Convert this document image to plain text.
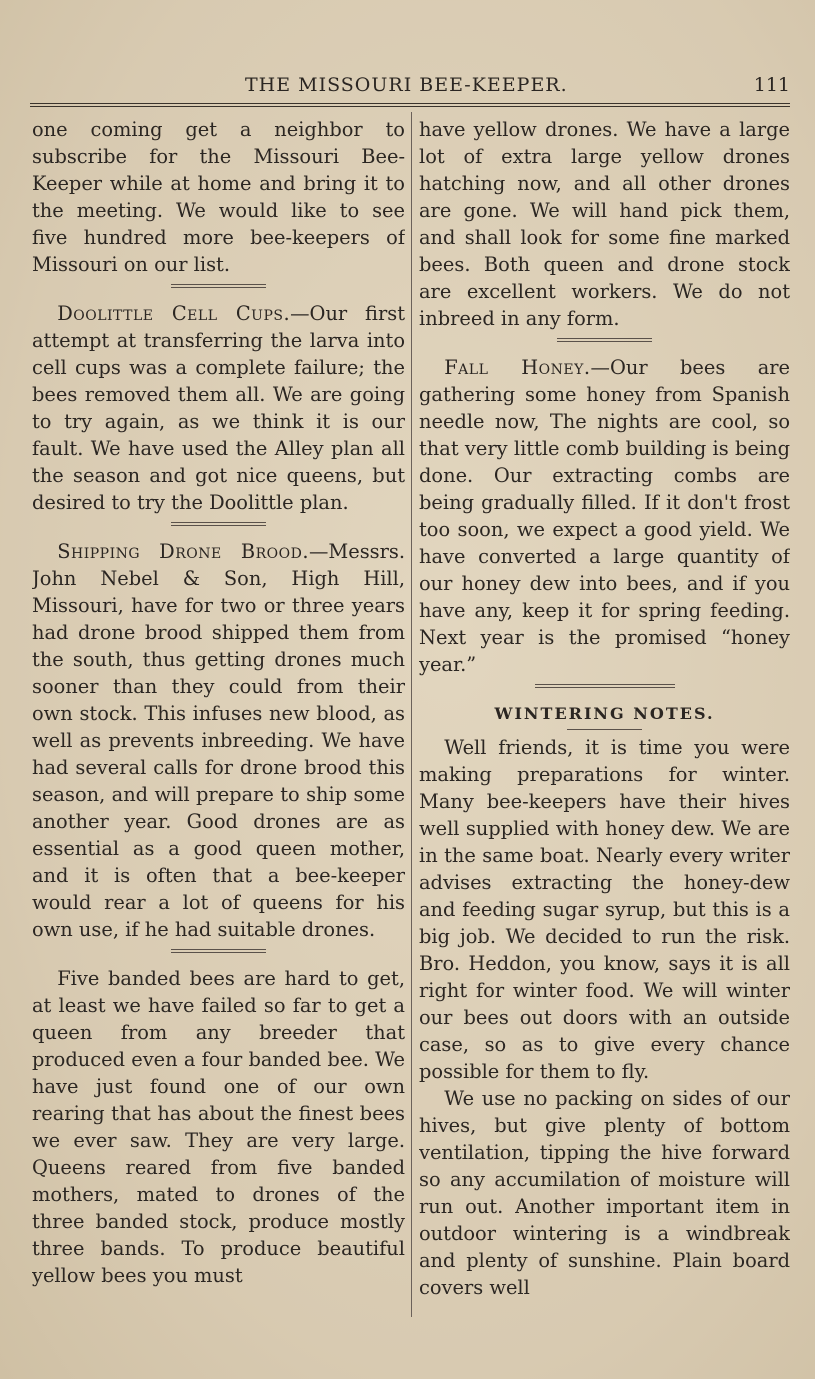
THE MISSOURI BEE-KEEPER.	111

one coming get a neighbor to subscribe for the Missouri Bee-Keeper while at home and bring it to the meeting. We would like to see five hundred more bee-keepers of Missouri on our list.

Doolittle Cell Cups.—Our first attempt at transferring the larva into cell cups was a complete failure; the bees removed them all. We are going to try again, as we think it is our fault. We have used the Alley plan all the season and got nice queens, but desired to try the Doolittle plan.

Shipping Drone Brood.—Messrs. John Nebel & Son, High Hill, Missouri, have for two or three years had drone brood shipped them from the south, thus getting drones much sooner than they could from their own stock. This infuses new blood, as well as prevents inbreeding. We have had several calls for drone brood this season, and will prepare to ship some another year. Good drones are as essential as a good queen mother, and it is often that a bee-keeper would rear a lot of queens for his own use, if he had suitable drones.

Five banded bees are hard to get, at least we have failed so far to get a queen from any breeder that produced even a four banded bee. We have just found one of our own rearing that has about the finest bees we ever saw. They are very large. Queens reared from five banded mothers, mated to drones of the three banded stock, produce mostly three bands. To produce beautiful yellow bees you must

have yellow drones. We have a large lot of extra large yellow drones hatching now, and all other drones are gone. We will hand pick them, and shall look for some fine marked bees. Both queen and drone stock are excellent workers. We do not inbreed in any form.

Fall Honey.—Our bees are gathering some honey from Spanish needle now, The nights are cool, so that very little comb building is being done. Our extracting combs are being gradually filled. If it don't frost too soon, we expect a good yield. We have converted a large quantity of our honey dew into bees, and if you have any, keep it for spring feeding. Next year is the promised “honey year.”

WINTERING NOTES.

Well friends, it is time you were making preparations for winter. Many bee-keepers have their hives well supplied with honey dew. We are in the same boat. Nearly every writer advises extracting the honey-dew and feeding sugar syrup, but this is a big job. We decided to run the risk. Bro. Heddon, you know, says it is all right for winter food. We will winter our bees out doors with an outside case, so as to give every chance possible for them to fly.

We use no packing on sides of our hives, but give plenty of bottom ventilation, tipping the hive forward so any accumilation of moisture will run out. Another important item in outdoor wintering is a windbreak and plenty of sunshine. Plain board covers well
